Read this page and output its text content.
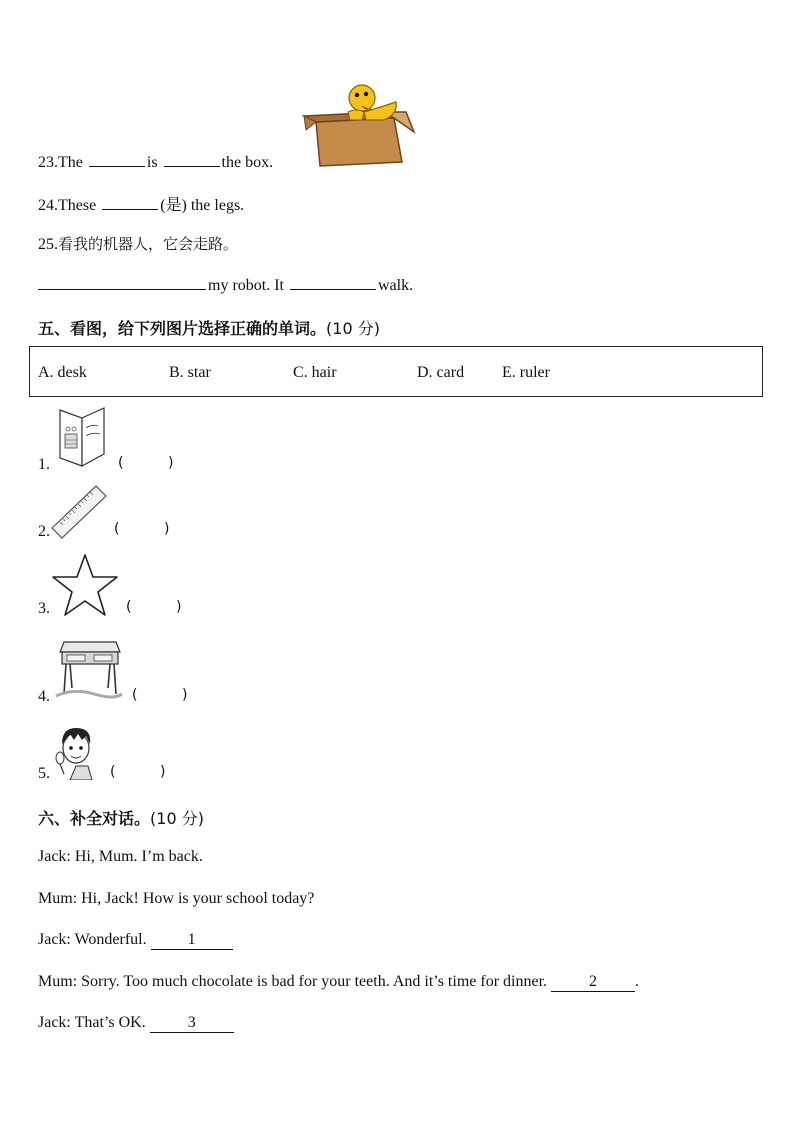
23.The	is	the box.
24.These	(是) the legs.
25.看我的机器人，它会走路。
my robot. It	walk.
五、看图，给下列图片选择正确的单词。(10 分)
A. desk	B. star	C. hair	D. card E. ruler
1.	(          )
2.	(          )
3.	(          )
4.	(          )
5.	(          )
六、补全对话。(10 分)
Jack: Hi, Mum. I’m back.
Mum: Hi, Jack! How is your school today?
Jack: Wonderful.	1
Mum: Sorry. Too much chocolate is bad for your teeth. And it’s time for dinner.	2 .
Jack: That’s OK.	3
